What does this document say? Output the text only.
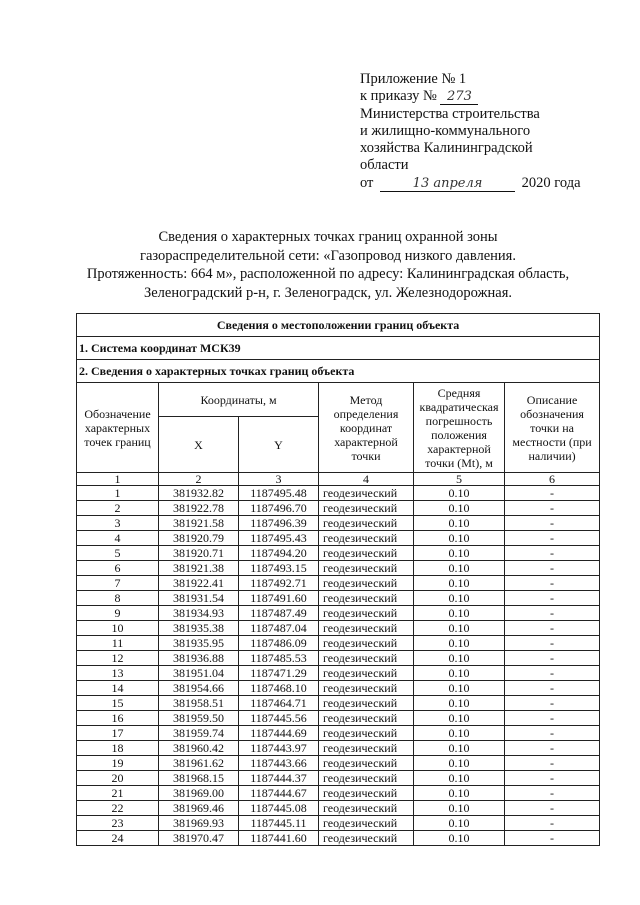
Приложение № 1
к приказу № 273
Министерства строительства
и жилищно-коммунального
хозяйства Калининградской
области
от	13 апреля	2020 года
Сведения о характерных точках границ охранной зоны
газораспределительной сети: «Газопровод низкого давления.
Протяженность: 664 м», расположенной по адресу: Калининградская область,
Зеленоградский р-н, г. Зеленоградск, ул. Железнодорожная.
Сведения о местоположении границ объекта					
1. Система координат МСК39					
2. Сведения о характерных точках границ объекта					
Обозначение характерных точек границ	Координаты, м		Метод определения координат характерной точки	Средняя квадратическая погрешность положения характерной точки (Mt), м	Описание обозначения точки на местности (при наличии)
	X	Y			
1	2	3	4	5	6
1	381932.82	1187495.48	геодезический	0.10	-
2	381922.78	1187496.70	геодезический	0.10	-
3	381921.58	1187496.39	геодезический	0.10	-
4	381920.79	1187495.43	геодезический	0.10	-
5	381920.71	1187494.20	геодезический	0.10	-
6	381921.38	1187493.15	геодезический	0.10	-
7	381922.41	1187492.71	геодезический	0.10	-
8	381931.54	1187491.60	геодезический	0.10	-
9	381934.93	1187487.49	геодезический	0.10	-
10	381935.38	1187487.04	геодезический	0.10	-
11	381935.95	1187486.09	геодезический	0.10	-
12	381936.88	1187485.53	геодезический	0.10	-
13	381951.04	1187471.29	геодезический	0.10	-
14	381954.66	1187468.10	геодезический	0.10	-
15	381958.51	1187464.71	геодезический	0.10	-
16	381959.50	1187445.56	геодезический	0.10	-
17	381959.74	1187444.69	геодезический	0.10	-
18	381960.42	1187443.97	геодезический	0.10	-
19	381961.62	1187443.66	геодезический	0.10	-
20	381968.15	1187444.37	геодезический	0.10	-
21	381969.00	1187444.67	геодезический	0.10	-
22	381969.46	1187445.08	геодезический	0.10	-
23	381969.93	1187445.11	геодезический	0.10	-
24	381970.47	1187441.60	геодезический	0.10	-
